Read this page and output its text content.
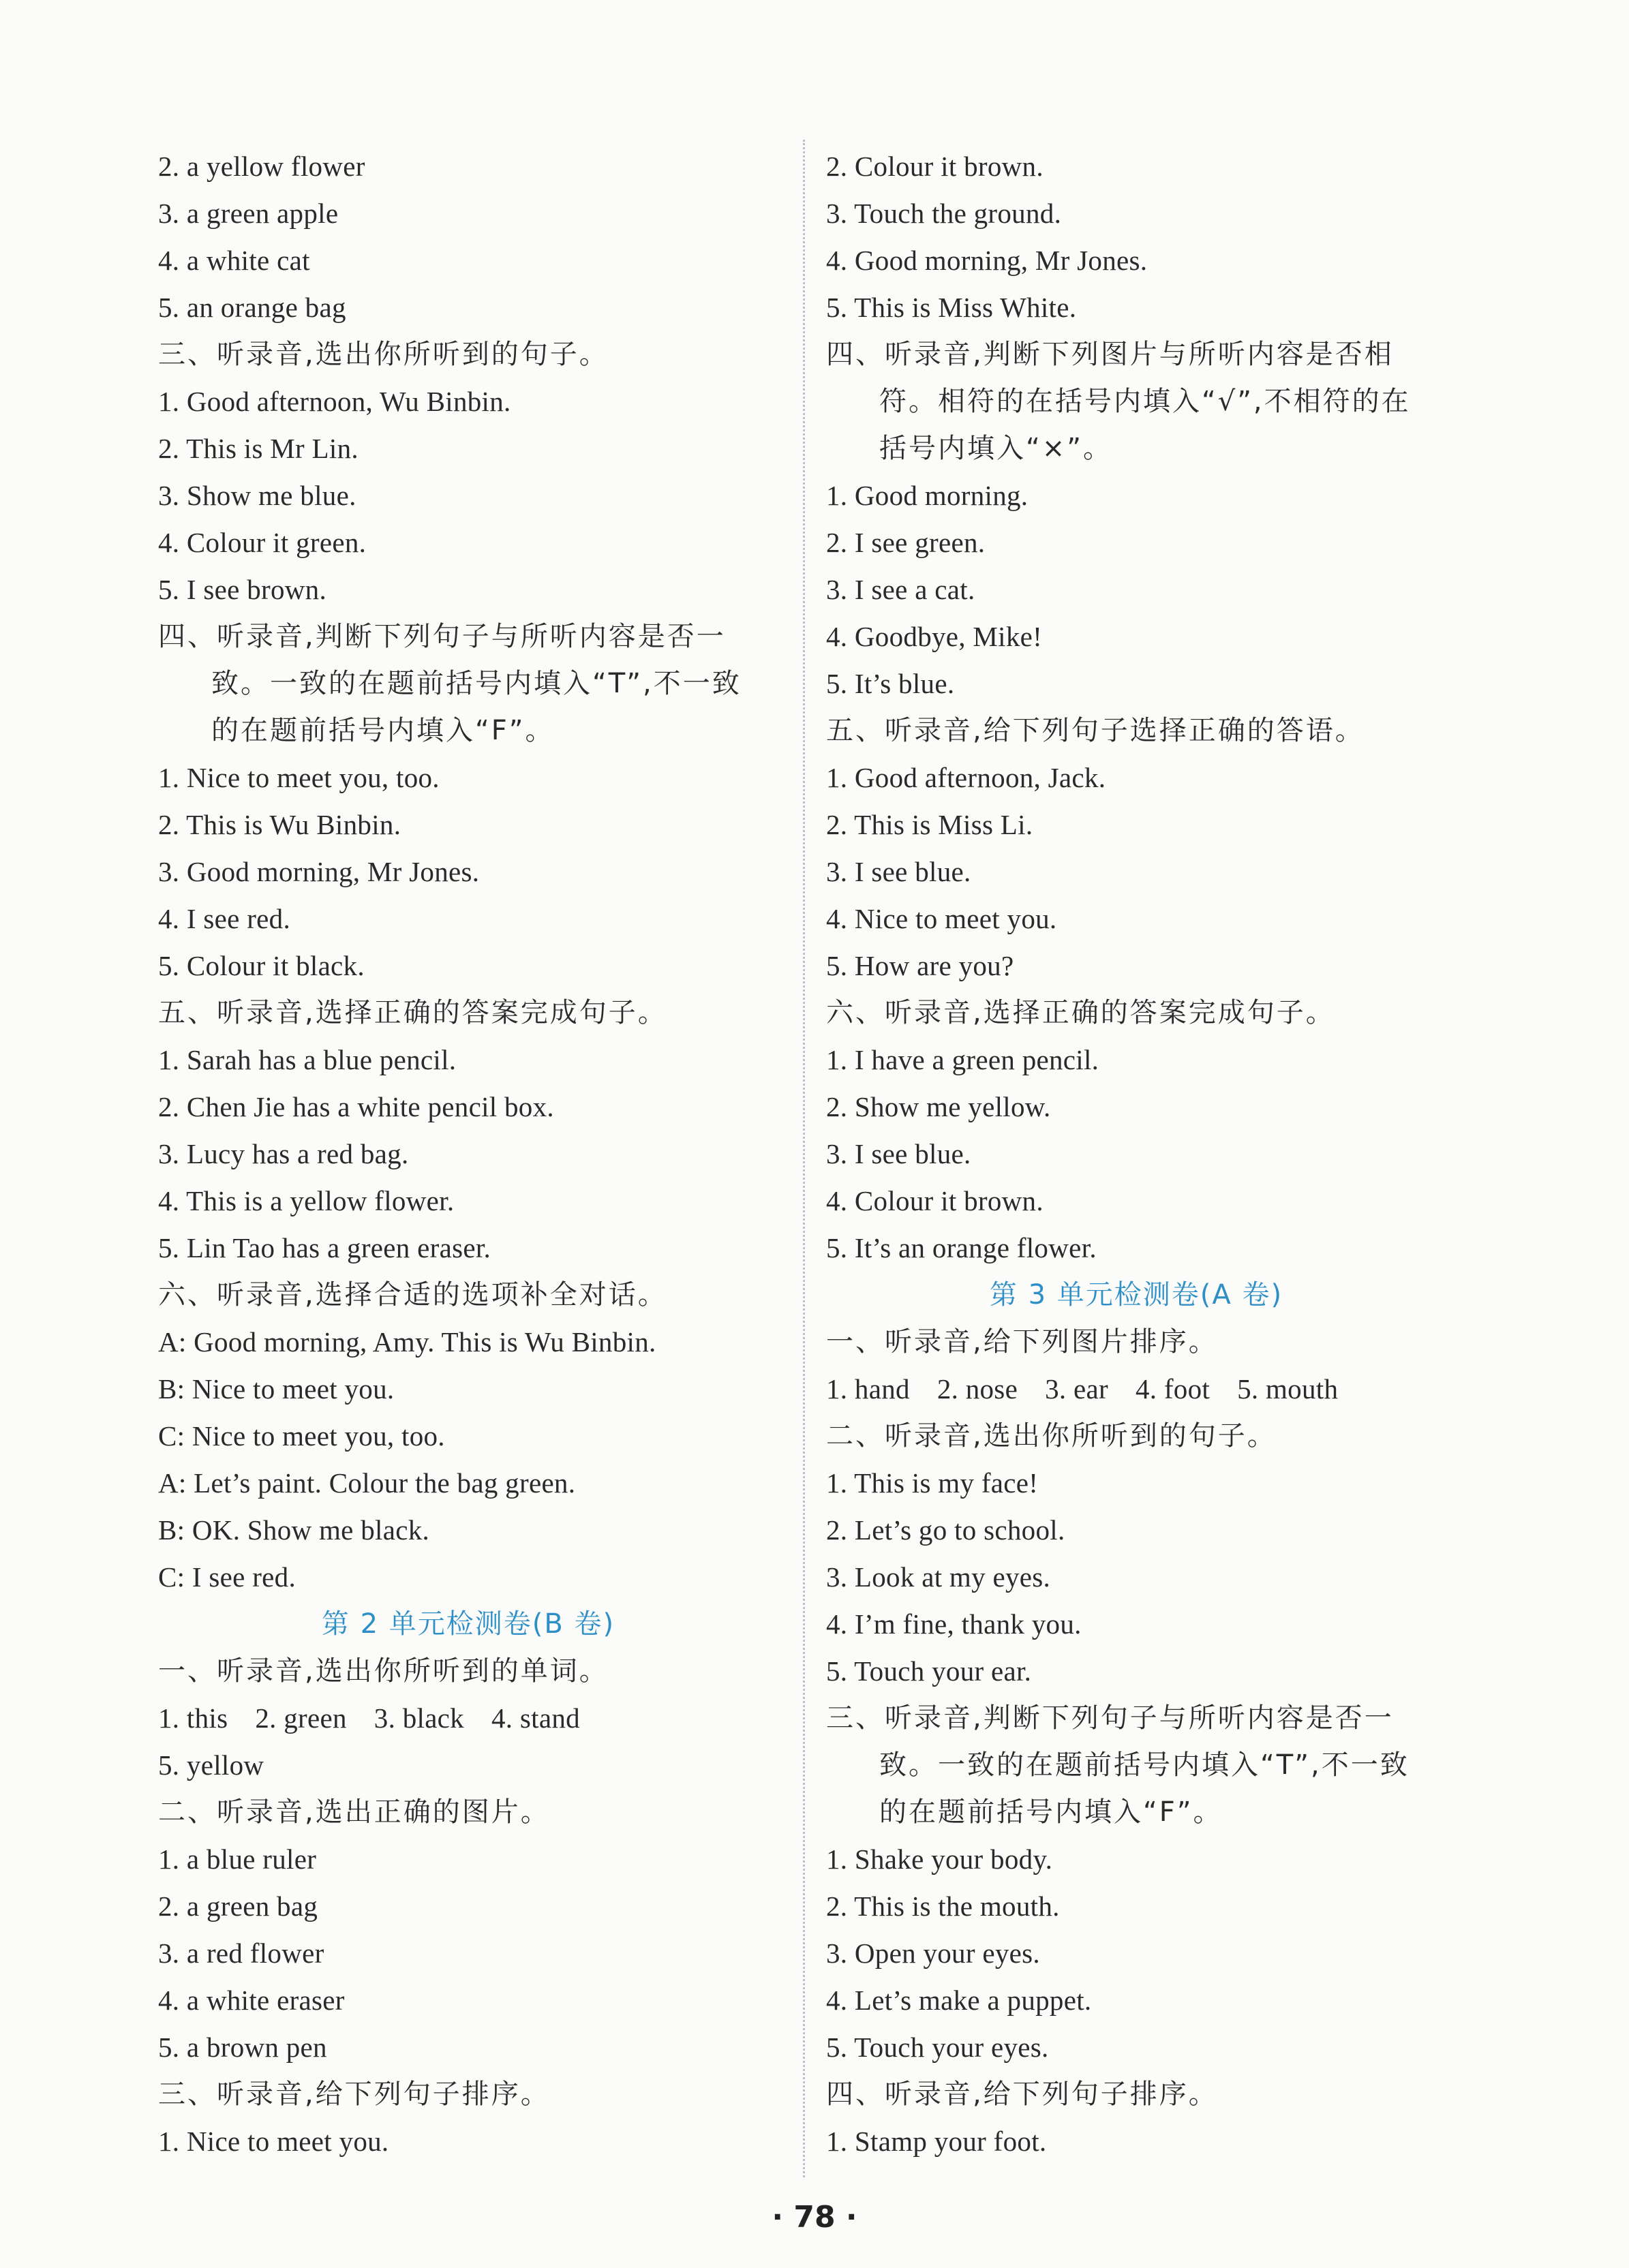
2. a yellow flower

3. a green apple

4. a white cat

5. an orange bag

三、听录音,选出你所听到的句子。

1. Good afternoon, Wu Binbin.

2. This is Mr Lin.

3. Show me blue.

4. Colour it green.

5. I see brown.

四、听录音,判断下列句子与所听内容是否一

致。一致的在题前括号内填入“T”,不一致

的在题前括号内填入“F”。

1. Nice to meet you, too.

2. This is Wu Binbin.

3. Good morning, Mr Jones.

4. I see red.

5. Colour it black.

五、听录音,选择正确的答案完成句子。

1. Sarah has a blue pencil.

2. Chen Jie has a white pencil box.

3. Lucy has a red bag.

4. This is a yellow flower.

5. Lin Tao has a green eraser.

六、听录音,选择合适的选项补全对话。

A: Good morning, Amy. This is Wu Binbin.

B: Nice to meet you.

C: Nice to meet you, too.

A: Let’s paint. Colour the bag green.

B: OK. Show me black.

C: I see red.

第 2 单元检测卷(B 卷)

一、听录音,选出你所听到的单词。

1. this 2. green 3. black 4. stand

5. yellow

二、听录音,选出正确的图片。

1. a blue ruler

2. a green bag

3. a red flower

4. a white eraser

5. a brown pen

三、听录音,给下列句子排序。

1. Nice to meet you.

2. Colour it brown.

3. Touch the ground.

4. Good morning, Mr Jones.

5. This is Miss White.

四、听录音,判断下列图片与所听内容是否相

符。相符的在括号内填入“√”,不相符的在

括号内填入“×”。

1. Good morning.

2. I see green.

3. I see a cat.

4. Goodbye, Mike!

5. It’s blue.

五、听录音,给下列句子选择正确的答语。

1. Good afternoon, Jack.

2. This is Miss Li.

3. I see blue.

4. Nice to meet you.

5. How are you?

六、听录音,选择正确的答案完成句子。

1. I have a green pencil.

2. Show me yellow.

3. I see blue.

4. Colour it brown.

5. It’s an orange flower.

第 3 单元检测卷(A 卷)

一、听录音,给下列图片排序。

1. hand 2. nose 3. ear 4. foot 5. mouth

二、听录音,选出你所听到的句子。

1. This is my face!

2. Let’s go to school.

3. Look at my eyes.

4. I’m fine, thank you.

5. Touch your ear.

三、听录音,判断下列句子与所听内容是否一

致。一致的在题前括号内填入“T”,不一致

的在题前括号内填入“F”。

1. Shake your body.

2. This is the mouth.

3. Open your eyes.

4. Let’s make a puppet.

5. Touch your eyes.

四、听录音,给下列句子排序。

1. Stamp your foot.

· 78 ·
